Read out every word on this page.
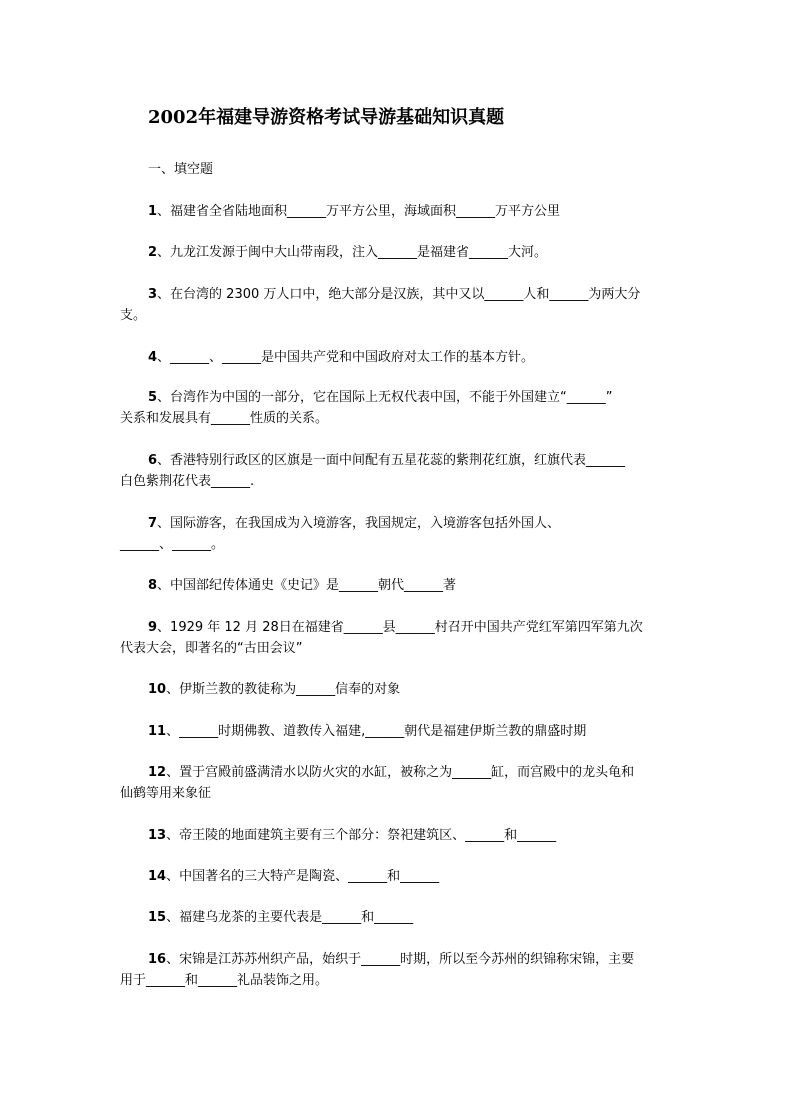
2002年福建导游资格考试导游基础知识真题
一、填空题
1、福建省全省陆地面积______万平方公里，海域面积______万平方公里
2、九龙江发源于闽中大山带南段，注入______是福建省______大河。
3、在台湾的 2300 万人口中，绝大部分是汉族，其中又以______人和______为两大分
支。
4、______、______是中国共产党和中国政府对太工作的基本方针。
5、台湾作为中国的一部分，它在国际上无权代表中国，不能于外国建立“______”
关系和发展具有______性质的关系。
6、香港特别行政区的区旗是一面中间配有五星花蕊的紫荆花红旗，红旗代表______
白色紫荆花代表______.
7、国际游客，在我国成为入境游客，我国规定，入境游客包括外国人、
______、______。
8、中国部纪传体通史《史记》是______朝代______著
9、1929 年 12 月 28日在福建省______县______村召开中国共产党红军第四军第九次
代表大会，即著名的“古田会议”
10、伊斯兰教的教徒称为______信奉的对象
11、______时期佛教、道教传入福建,______朝代是福建伊斯兰教的鼎盛时期
12、置于宫殿前盛满清水以防火灾的水缸，被称之为______缸，而宫殿中的龙头龟和
仙鹤等用来象征
13、帝王陵的地面建筑主要有三个部分：祭祀建筑区、______和______
14、中国著名的三大特产是陶瓷、______和______
15、福建乌龙茶的主要代表是______和______
16、宋锦是江苏苏州织产品，始织于______时期，所以至今苏州的织锦称宋锦，主要
用于______和______礼品装饰之用。
